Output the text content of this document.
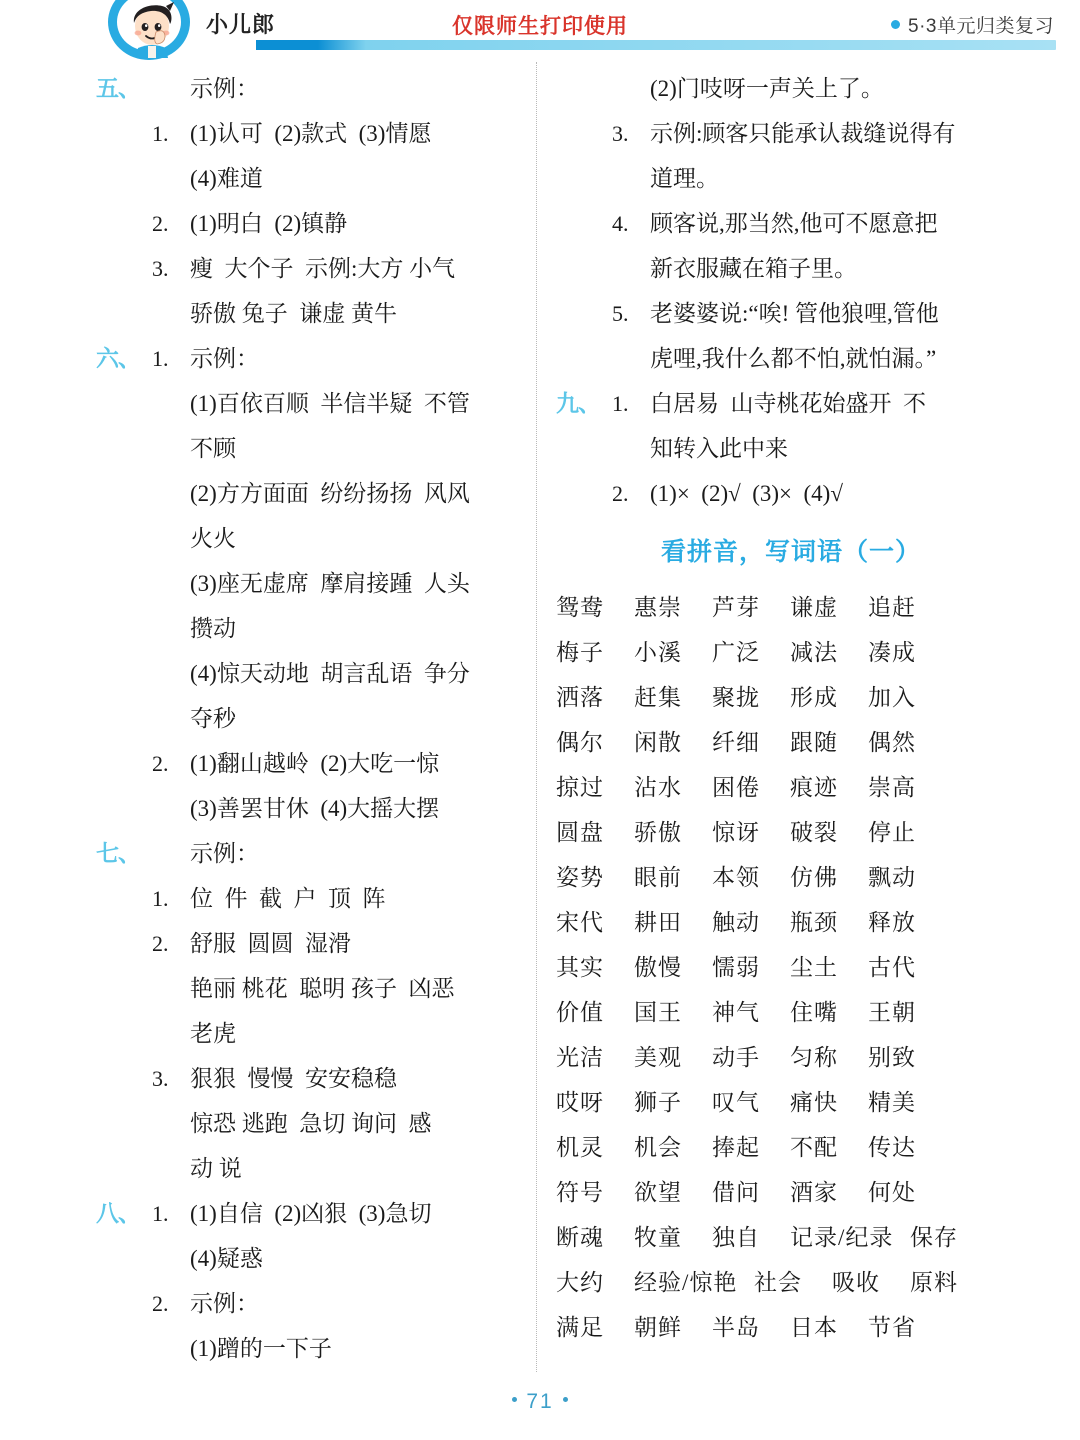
小儿郎	仅限师生打印使用	5·3单元归类复习
五、	示例：
1. (1)认可  (2)款式  (3)情愿
(4)难道
2. (1)明白  (2)镇静
3. 瘦  大个子  示例:大方 小气
骄傲 兔子  谦虚 黄牛
六、 1. 示例：
(1)百依百顺  半信半疑  不管
不顾
(2)方方面面  纷纷扬扬  风风
火火
(3)座无虚席  摩肩接踵  人头
攒动
(4)惊天动地  胡言乱语  争分
夺秒
2. (1)翻山越岭  (2)大吃一惊
(3)善罢甘休  (4)大摇大摆
七、	示例：
1. 位  件  截  户  顶  阵
2. 舒服  圆圆  湿滑
艳丽 桃花  聪明 孩子  凶恶
老虎
3. 狠狠  慢慢  安安稳稳
惊恐 逃跑  急切 询问  感
动 说
八、 1. (1)自信  (2)凶狠  (3)急切
(4)疑惑
2. 示例：
(1)蹭的一下子
(2)门吱呀一声关上了。
3. 示例:顾客只能承认裁缝说得有
道理。
4. 顾客说,那当然,他可不愿意把
新衣服藏在箱子里。
5. 老婆婆说:“唉! 管他狼哩,管他
虎哩,我什么都不怕,就怕漏。”
九、 1. 白居易  山寺桃花始盛开  不
知转入此中来
2. (1)×  (2)√  (3)×  (4)√
看拼音，写词语（一）
鸳鸯	惠崇	芦芽	谦虚	追赶
梅子	小溪	广泛	减法	凑成
洒落	赶集	聚拢	形成	加入
偶尔	闲散	纤细	跟随	偶然
掠过	沾水	困倦	痕迹	崇高
圆盘	骄傲	惊讶	破裂	停止
姿势	眼前	本领	仿佛	飘动
宋代	耕田	触动	瓶颈	释放
其实	傲慢	懦弱	尘土	古代
价值	国王	神气	住嘴	王朝
光洁	美观	动手	匀称	别致
哎呀	狮子	叹气	痛快	精美
机灵	机会	捧起	不配	传达
符号	欲望	借问	酒家	何处
断魂	牧童	独自	记录/纪录 保存
大约	经验/惊艳 社会	吸收	原料
满足	朝鲜	半岛	日本	节省
71
